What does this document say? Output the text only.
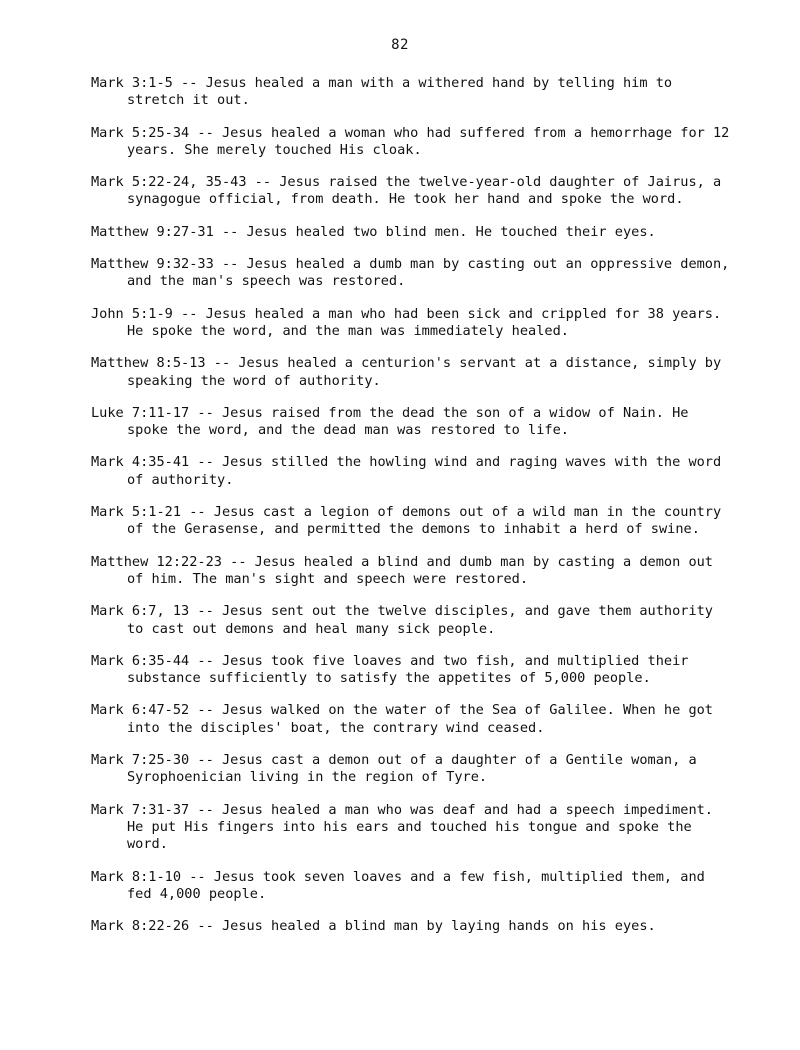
82
Mark 3:1-5 -- Jesus healed a man with a withered hand by telling him to stretch it out.
Mark 5:25-34 -- Jesus healed a woman who had suffered from a hemorrhage for 12 years. She merely touched His cloak.
Mark 5:22-24, 35-43 -- Jesus raised the twelve-year-old daughter of Jairus, a synagogue official, from death. He took her hand and spoke the word.
Matthew 9:27-31 -- Jesus healed two blind men. He touched their eyes.
Matthew 9:32-33 -- Jesus healed a dumb man by casting out an oppressive demon, and the man's speech was restored.
John 5:1-9 -- Jesus healed a man who had been sick and crippled for 38 years. He spoke the word, and the man was immediately healed.
Matthew 8:5-13 -- Jesus healed a centurion's servant at a distance, simply by speaking the word of authority.
Luke 7:11-17 -- Jesus raised from the dead the son of a widow of Nain. He spoke the word, and the dead man was restored to life.
Mark 4:35-41 -- Jesus stilled the howling wind and raging waves with the word of authority.
Mark 5:1-21 -- Jesus cast a legion of demons out of a wild man in the country of the Gerasense, and permitted the demons to inhabit a herd of swine.
Matthew 12:22-23 -- Jesus healed a blind and dumb man by casting a demon out of him. The man's sight and speech were restored.
Mark 6:7, 13 -- Jesus sent out the twelve disciples, and gave them authority to cast out demons and heal many sick people.
Mark 6:35-44 -- Jesus took five loaves and two fish, and multiplied their substance sufficiently to satisfy the appetites of 5,000 people.
Mark 6:47-52 -- Jesus walked on the water of the Sea of Galilee. When he got into the disciples' boat, the contrary wind ceased.
Mark 7:25-30 -- Jesus cast a demon out of a daughter of a Gentile woman, a Syrophoenician living in the region of Tyre.
Mark 7:31-37 -- Jesus healed a man who was deaf and had a speech impediment. He put His fingers into his ears and touched his tongue and spoke the word.
Mark 8:1-10 -- Jesus took seven loaves and a few fish, multiplied them, and fed 4,000 people.
Mark 8:22-26 -- Jesus healed a blind man by laying hands on his eyes.
